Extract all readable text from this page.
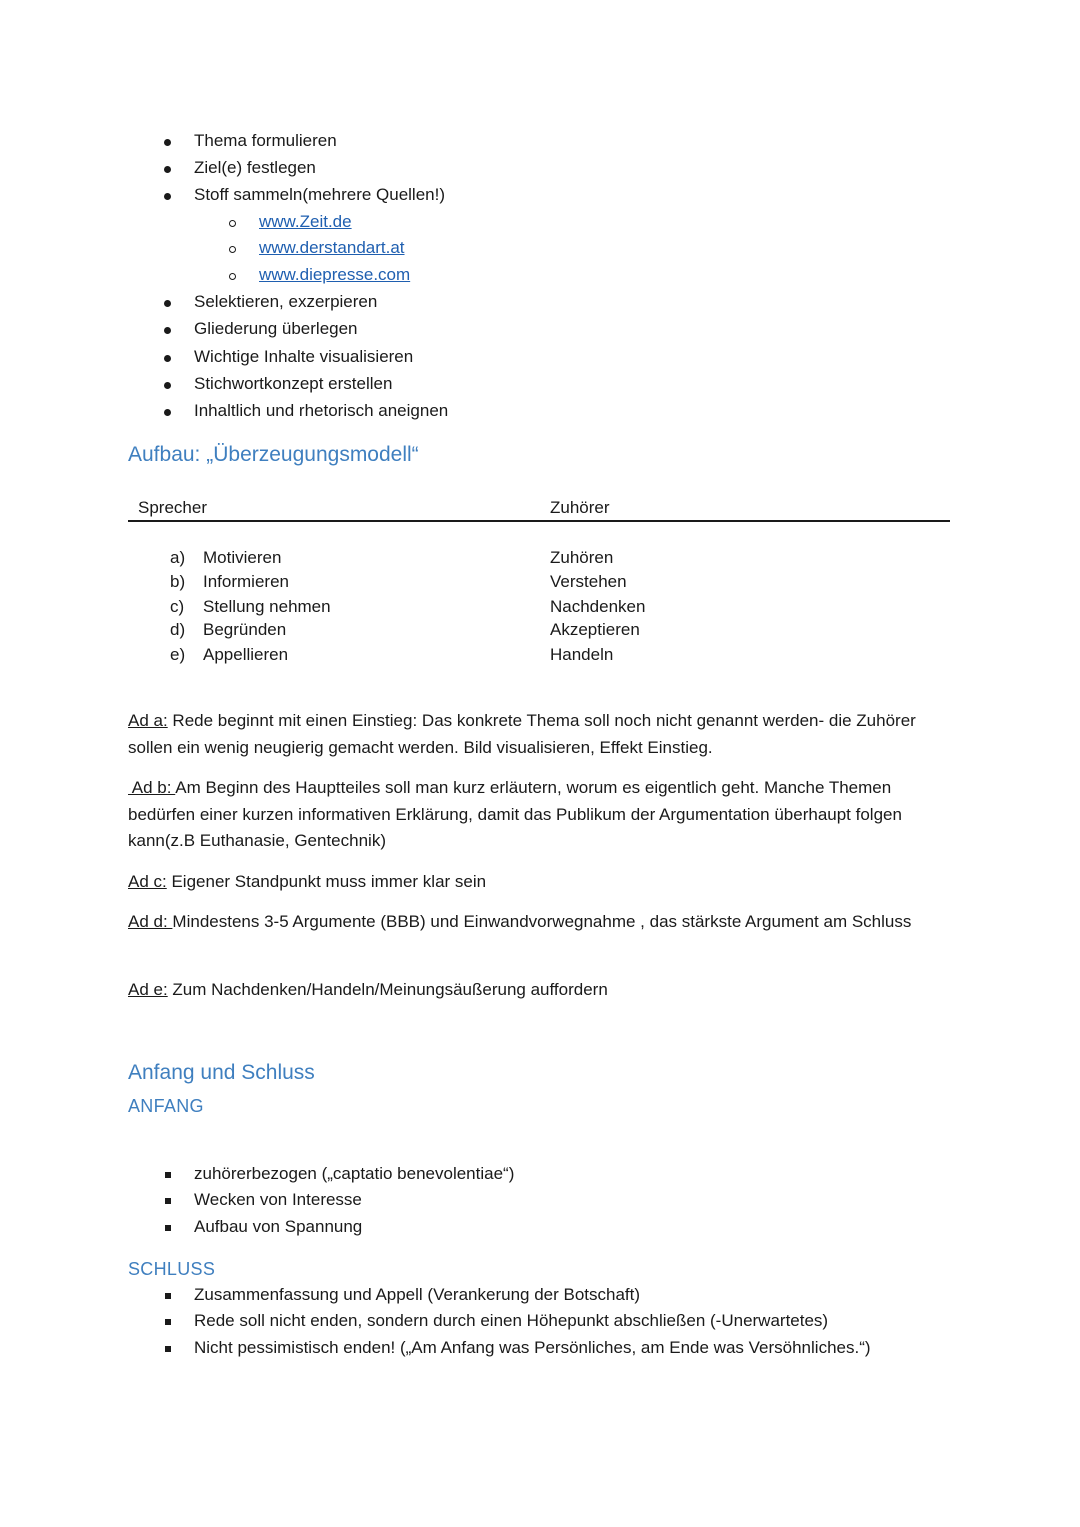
Thema formulieren
Ziel(e) festlegen
Stoff sammeln(mehrere Quellen!)
www.Zeit.de
www.derstandart.at
www.diepresse.com
Selektieren, exzerpieren
Gliederung überlegen
Wichtige Inhalte visualisieren
Stichwortkonzept erstellen
Inhaltlich und rhetorisch aneignen
Aufbau: „Überzeugungsmodell“
Sprecher	Zuhörer
a) Motivieren	Zuhören
b) Informieren	Verstehen
c) Stellung nehmen	Nachdenken
d) Begründen	Akzeptieren
e) Appellieren	Handeln
Ad a: Rede beginnt mit einen Einstieg: Das konkrete Thema soll noch nicht genannt werden- die Zuhörer sollen ein wenig neugierig gemacht werden. Bild visualisieren, Effekt Einstieg.
Ad b: Am Beginn des Hauptteiles soll man kurz erläutern, worum es eigentlich geht. Manche Themen bedürfen einer kurzen informativen Erklärung, damit das Publikum der Argumentation überhaupt folgen kann(z.B Euthanasie, Gentechnik)
Ad c: Eigener Standpunkt muss immer klar sein
Ad d: Mindestens 3-5 Argumente (BBB) und Einwandvorwegnahme , das stärkste Argument am Schluss
Ad e: Zum Nachdenken/Handeln/Meinungsäußerung auffordern
Anfang und Schluss
ANFANG
zuhörerbezogen („captatio benevolentiae“)
Wecken von Interesse
Aufbau von Spannung
SCHLUSS
Zusammenfassung und Appell (Verankerung der Botschaft)
Rede soll nicht enden, sondern durch einen Höhepunkt abschließen (-Unerwartetes)
Nicht pessimistisch enden! („Am Anfang was Persönliches, am Ende was Versöhnliches.“)
